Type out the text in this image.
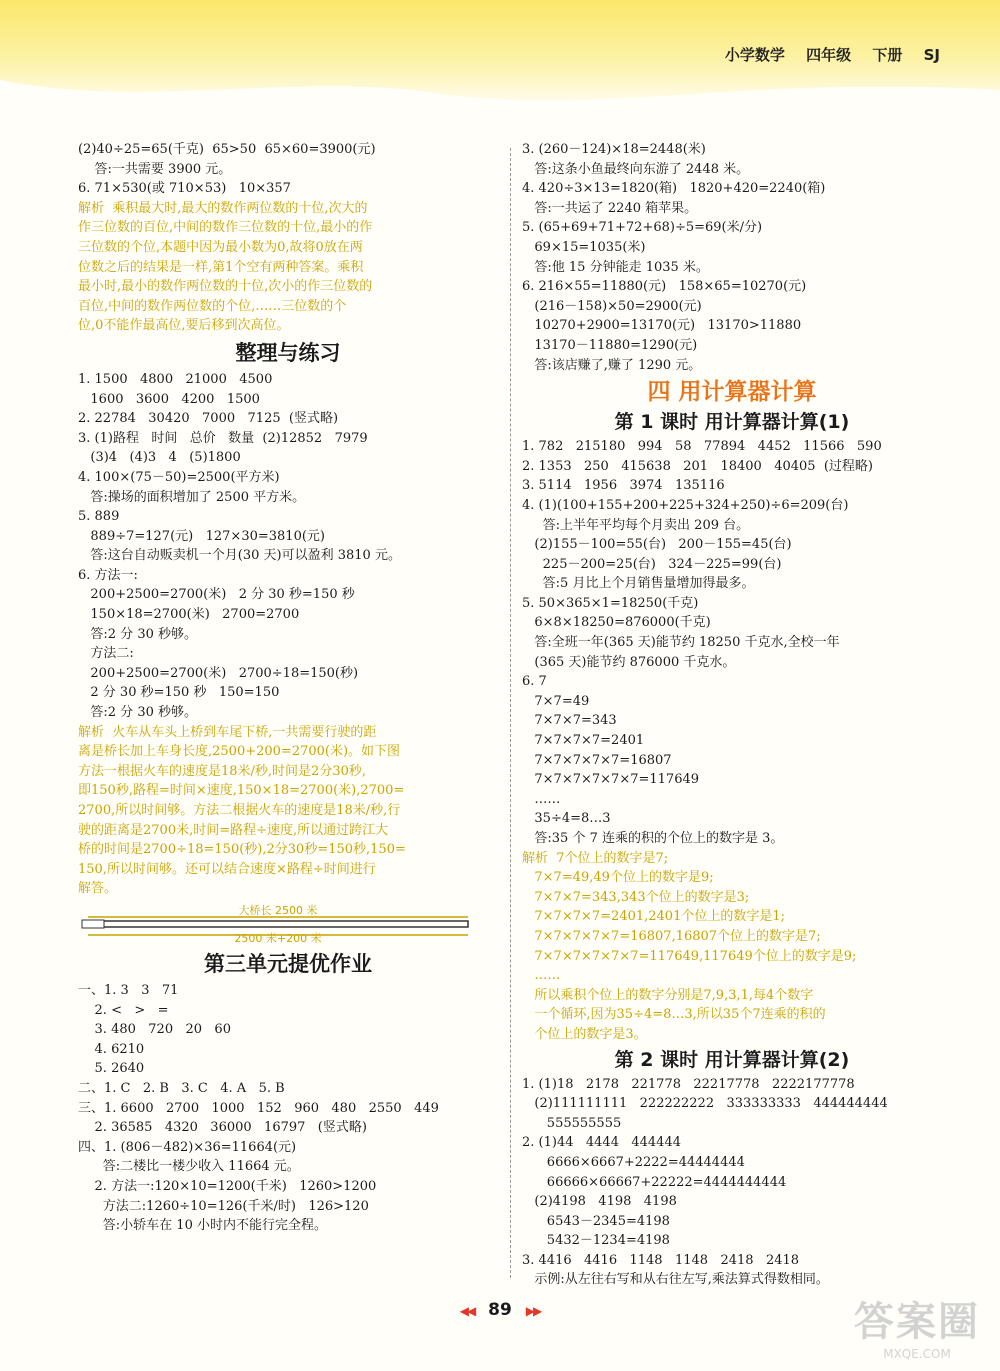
小学数学 四年级 下册 SJ
(2)40÷25=65(千克)  65>50  65×60=3900(元)
答:一共需要 3900 元。
6. 71×530(或 710×53)   10×357
解析  乘积最大时,最大的数作两位数的十位,次大的
作三位数的百位,中间的数作三位数的十位,最小的作
三位数的个位,本题中因为最小数为0,故将0放在两
位数之后的结果是一样,第1个空有两种答案。乘积
最小时,最小的数作两位数的十位,次小的作三位数的
百位,中间的数作两位数的个位,……三位数的个
位,0不能作最高位,要后移到次高位。
整理与练习
1. 1500   4800   21000   4500
1600   3600   4200   1500
2. 22784   30420   7000   7125  (竖式略)
3. (1)路程   时间   总价   数量  (2)12852   7979
(3)4   (4)3   4   (5)1800
4. 100×(75－50)=2500(平方米)
答:操场的面积增加了 2500 平方米。
5. 889
889÷7=127(元)   127×30=3810(元)
答:这台自动贩卖机一个月(30 天)可以盈利 3810 元。
6. 方法一:
200+2500=2700(米)   2 分 30 秒=150 秒
150×18=2700(米)   2700=2700
答:2 分 30 秒够。
方法二:
200+2500=2700(米)   2700÷18=150(秒)
2 分 30 秒=150 秒   150=150
答:2 分 30 秒够。
解析  火车从车头上桥到车尾下桥,一共需要行驶的距
离是桥长加上车身长度,2500+200=2700(米)。如下图
方法一根据火车的速度是18米/秒,时间是2分30秒,
即150秒,路程=时间×速度,150×18=2700(米),2700=
2700,所以时间够。方法二根据火车的速度是18米/秒,行
驶的距离是2700米,时间=路程÷速度,所以通过跨江大
桥的时间是2700÷18=150(秒),2分30秒=150秒,150=
150,所以时间够。还可以结合速度×路程÷时间进行
解答。
大桥长 2500 米
2500 米+200 米
第三单元提优作业
一、1. 3   3   71
2. <   >   =
3. 480   720   20   60
4. 6210
5. 2640
二、1. C   2. B   3. C   4. A   5. B
三、1. 6600   2700   1000   152   960   480   2550   449
2. 36585   4320   36000   16797   (竖式略)
四、1. (806－482)×36=11664(元)
答:二楼比一楼少收入 11664 元。
2. 方法一:120×10=1200(千米)   1260>1200
方法二:1260÷10=126(千米/时)   126>120
答:小轿车在 10 小时内不能行完全程。
3. (260－124)×18=2448(米)
答:这条小鱼最终向东游了 2448 米。
4. 420÷3×13=1820(箱)   1820+420=2240(箱)
答:一共运了 2240 箱苹果。
5. (65+69+71+72+68)÷5=69(米/分)
69×15=1035(米)
答:他 15 分钟能走 1035 米。
6. 216×55=11880(元)   158×65=10270(元)
(216－158)×50=2900(元)
10270+2900=13170(元)   13170>11880
13170－11880=1290(元)
答:该店赚了,赚了 1290 元。
四 用计算器计算
第 1 课时 用计算器计算(1)
1. 782   215180   994   58   77894   4452   11566   590
2. 1353   250   415638   201   18400   40405  (过程略)
3. 5114   1956   3974   135116
4. (1)(100+155+200+225+324+250)÷6=209(台)
答:上半年平均每个月卖出 209 台。
(2)155－100=55(台)   200－155=45(台)
225－200=25(台)   324－225=99(台)
答:5 月比上个月销售量增加得最多。
5. 50×365×1=18250(千克)
6×8×18250=876000(千克)
答:全班一年(365 天)能节约 18250 千克水,全校一年
(365 天)能节约 876000 千克水。
6. 7
7×7=49
7×7×7=343
7×7×7×7=2401
7×7×7×7×7=16807
7×7×7×7×7×7=117649
……
35÷4=8…3
答:35 个 7 连乘的积的个位上的数字是 3。
解析  7个位上的数字是7;
7×7=49,49个位上的数字是9;
7×7×7=343,343个位上的数字是3;
7×7×7×7=2401,2401个位上的数字是1;
7×7×7×7×7=16807,16807个位上的数字是7;
7×7×7×7×7×7=117649,117649个位上的数字是9;
……
所以乘积个位上的数字分别是7,9,3,1,每4个数字
一个循环,因为35÷4=8…3,所以35个7连乘的积的
个位上的数字是3。
第 2 课时 用计算器计算(2)
1. (1)18   2178   221778   22217778   2222177778
(2)111111111   222222222   333333333   444444444
555555555
2. (1)44   4444   444444
6666×6667+2222=44444444
66666×66667+22222=4444444444
(2)4198   4198   4198
6543－2345=4198
5432－1234=4198
3. 4416   4416   1148   1148   2418   2418
示例:从左往右写和从右往左写,乘法算式得数相同。
◀◀ 89 ▶▶	答案圈
MXQE.COM
